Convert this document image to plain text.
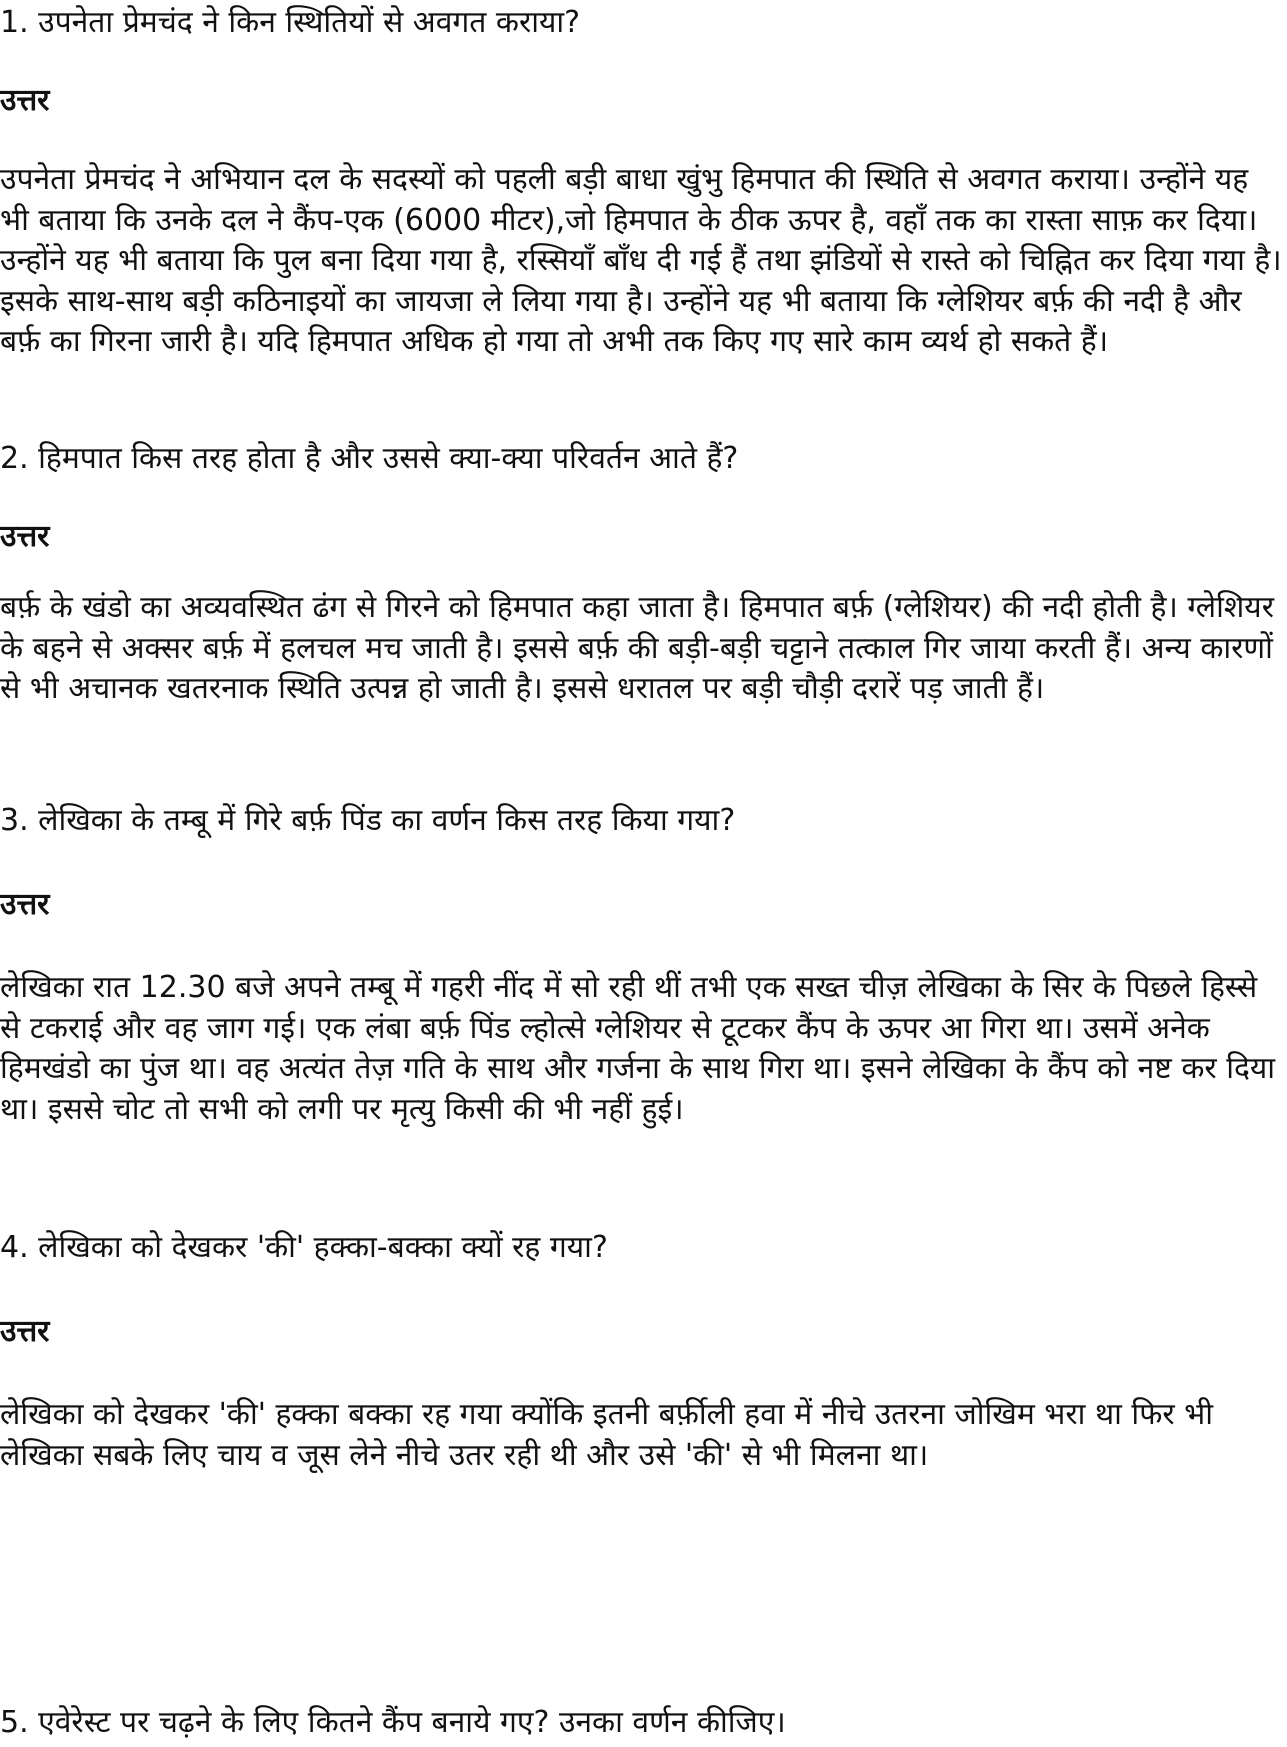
1. उपनेता प्रेमचंद ने किन स्थितियों से अवगत कराया?

उत्तर

उपनेता प्रेमचंद ने अभियान दल के सदस्यों को पहली बड़ी बाधा खुंभु हिमपात की स्थिति से अवगत कराया। उन्होंने यह भी बताया कि उनके दल ने कैंप-एक (6000 मीटर),जो हिमपात के ठीक ऊपर है, वहाँ तक का रास्ता साफ़ कर दिया। उन्होंने यह भी बताया कि पुल बना दिया गया है, रस्सियाँ बाँध दी गई हैं तथा झंडियों से रास्ते को चिह्नित कर दिया गया है। इसके साथ-साथ बड़ी कठिनाइयों का जायजा ले लिया गया है। उन्होंने यह भी बताया कि ग्लेशियर बर्फ़ की नदी है और बर्फ़ का गिरना जारी है। यदि हिमपात अधिक हो गया तो अभी तक किए गए सारे काम व्यर्थ हो सकते हैं।

2. हिमपात किस तरह होता है और उससे क्या-क्या परिवर्तन आते हैं?

उत्तर

बर्फ़ के खंडो का अव्यवस्थित ढंग से गिरने को हिमपात कहा जाता है। हिमपात बर्फ़ (ग्लेशियर) की नदी होती है। ग्लेशियर के बहने से अक्सर बर्फ़ में हलचल मच जाती है। इससे बर्फ़ की बड़ी-बड़ी चट्टाने तत्काल गिर जाया करती हैं। अन्य कारणों से भी अचानक खतरनाक स्थिति उत्पन्न हो जाती है। इससे धरातल पर बड़ी चौड़ी दरारें पड़ जाती हैं।

3. लेखिका के तम्बू में गिरे बर्फ़ पिंड का वर्णन किस तरह किया गया?

उत्तर

लेखिका रात 12.30 बजे अपने तम्बू में गहरी नींद में सो रही थीं तभी एक सख्त चीज़ लेखिका के सिर के पिछले हिस्से से टकराई और वह जाग गई। एक लंबा बर्फ़ पिंड ल्होत्से ग्लेशियर से टूटकर कैंप के ऊपर आ गिरा था। उसमें अनेक हिमखंडो का पुंज था। वह अत्यंत तेज़ गति के साथ और गर्जना के साथ गिरा था। इसने लेखिका के कैंप को नष्ट कर दिया था। इससे चोट तो सभी को लगी पर मृत्यु किसी की भी नहीं हुई।

4. लेखिका को देखकर 'की' हक्का-बक्का क्यों रह गया?

उत्तर

लेखिका को देखकर 'की' हक्का बक्का रह गया क्योंकि इतनी बर्फ़ीली हवा में नीचे उतरना जोखिम भरा था फिर भी लेखिका सबके लिए चाय व जूस लेने नीचे उतर रही थी और उसे 'की' से भी मिलना था।

5. एवेरेस्ट पर चढ़ने के लिए कितने कैंप बनाये गए? उनका वर्णन कीजिए।
